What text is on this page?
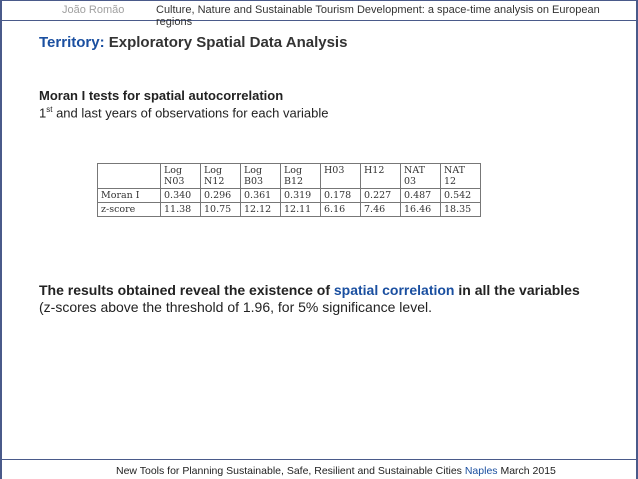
João Romão	Culture, Nature and Sustainable Tourism Development: a space-time analysis on European regions
Territory: Exploratory Spatial Data Analysis
Moran I tests for spatial autocorrelation
1st and last years of observations for each variable
	Log N03	Log N12	Log B03	Log B12	H03	H12	NAT 03	NAT 12
Moran I	0.340	0.296	0.361	0.319	0.178	0.227	0.487	0.542
z-score	11.38	10.75	12.12	12.11	6.16	7.46	16.46	18.35
The results obtained reveal the existence of spatial correlation in all the variables
(z-scores above the threshold of 1.96, for 5% significance level.
New Tools for Planning Sustainable, Safe, Resilient and Sustainable Cities Naples March 2015
